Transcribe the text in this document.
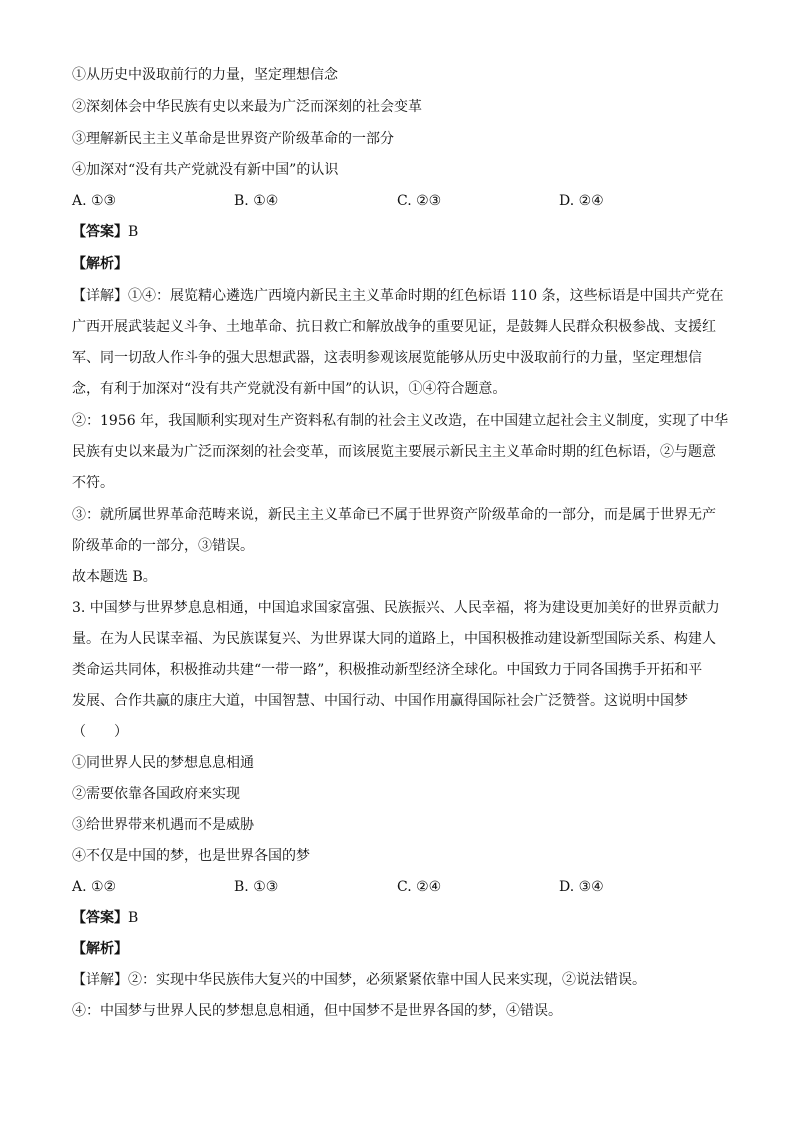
①从历史中汲取前行的力量，坚定理想信念
②深刻体会中华民族有史以来最为广泛而深刻的社会变革
③理解新民主主义革命是世界资产阶级革命的一部分
④加深对“没有共产党就没有新中国”的认识
A. ①③	B. ①④	C. ②③	D. ②④
【答案】B
【解析】
【详解】①④：展览精心遴选广西境内新民主主义革命时期的红色标语 110 条，这些标语是中国共产党在
广西开展武装起义斗争、土地革命、抗日救亡和解放战争的重要见证，是鼓舞人民群众积极参战、支援红
军、同一切敌人作斗争的强大思想武器，这表明参观该展览能够从历史中汲取前行的力量，坚定理想信
念，有利于加深对“没有共产党就没有新中国”的认识，①④符合题意。
②：1956 年，我国顺利实现对生产资料私有制的社会主义改造，在中国建立起社会主义制度，实现了中华
民族有史以来最为广泛而深刻的社会变革，而该展览主要展示新民主主义革命时期的红色标语，②与题意
不符。
③：就所属世界革命范畴来说，新民主主义革命已不属于世界资产阶级革命的一部分，而是属于世界无产
阶级革命的一部分，③错误。
故本题选 B。
3. 中国梦与世界梦息息相通，中国追求国家富强、民族振兴、人民幸福，将为建设更加美好的世界贡献力
量。在为人民谋幸福、为民族谋复兴、为世界谋大同的道路上，中国积极推动建设新型国际关系、构建人
类命运共同体，积极推动共建“一带一路”，积极推动新型经济全球化。中国致力于同各国携手开拓和平
发展、合作共赢的康庄大道，中国智慧、中国行动、中国作用赢得国际社会广泛赞誉。这说明中国梦
（　　）
①同世界人民的梦想息息相通
②需要依靠各国政府来实现
③给世界带来机遇而不是威胁
④不仅是中国的梦，也是世界各国的梦
A. ①②	B. ①③	C. ②④	D. ③④
【答案】B
【解析】
【详解】②：实现中华民族伟大复兴的中国梦，必须紧紧依靠中国人民来实现，②说法错误。
④：中国梦与世界人民的梦想息息相通，但中国梦不是世界各国的梦，④错误。
